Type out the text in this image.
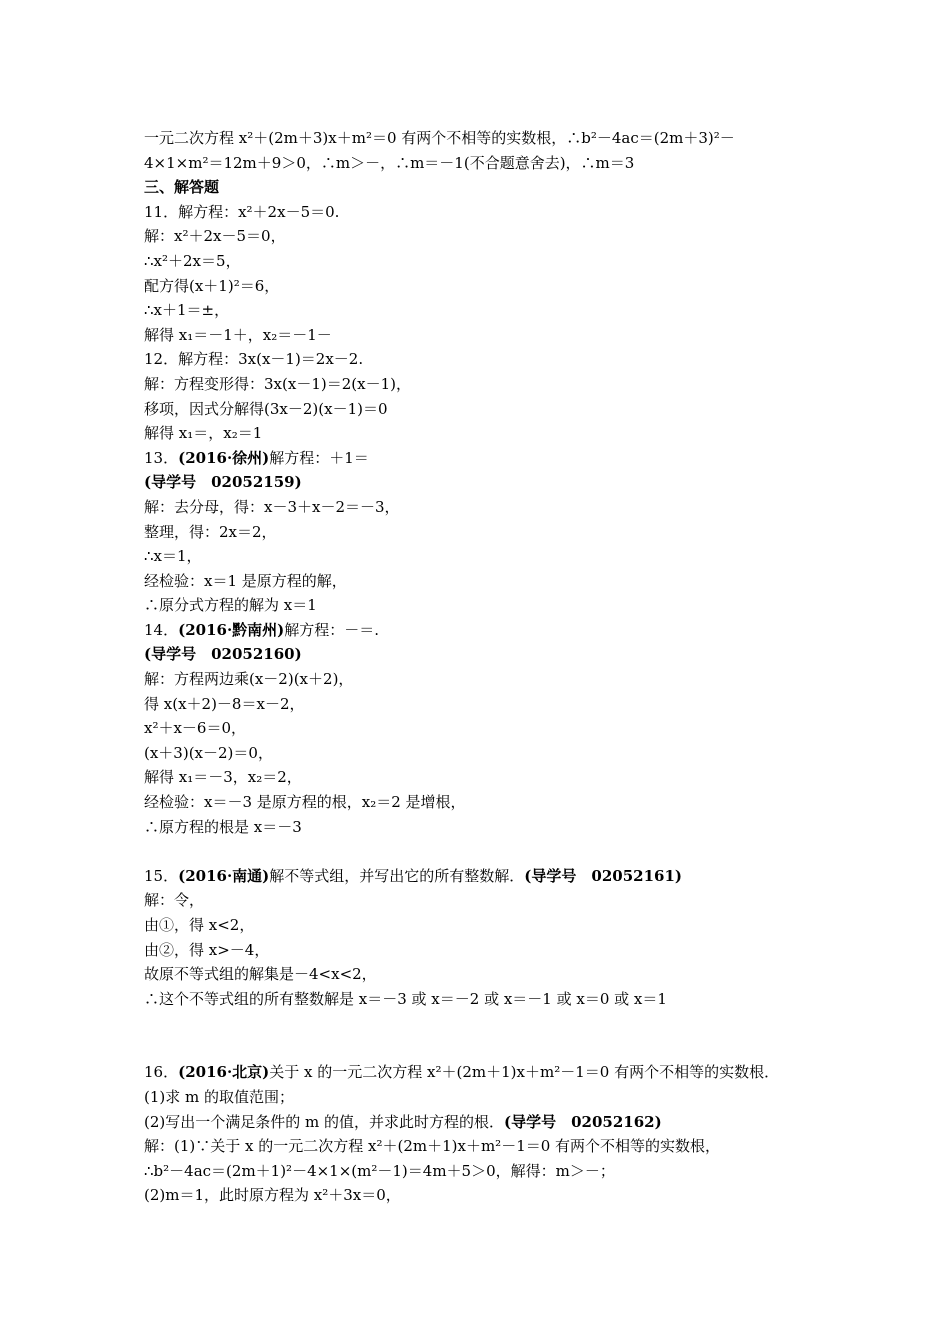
一元二次方程 x²＋(2m＋3)x＋m²＝0 有两个不相等的实数根，∴b²－4ac＝(2m＋3)²－
4×1×m²＝12m＋9＞0，∴m＞－，∴m＝－1(不合题意舍去)，∴m＝3
三、解答题
11．解方程：x²＋2x－5＝0.
解：x²＋2x－5＝0，
∴x²＋2x＝5，
配方得(x＋1)²＝6，
∴x＋1＝±，
解得 x₁＝－1＋，x₂＝－1－
12．解方程：3x(x－1)＝2x－2.
解：方程变形得：3x(x－1)＝2(x－1)，
移项，因式分解得(3x－2)(x－1)＝0
解得 x₁＝，x₂＝1
13．(2016·徐州)解方程：＋1＝
(导学号　02052159)
解：去分母，得：x－3＋x－2＝－3，
整理，得：2x＝2，
∴x＝1，
经检验：x＝1 是原方程的解，
∴原分式方程的解为 x＝1
14．(2016·黔南州)解方程：－＝.
(导学号　02052160)
解：方程两边乘(x－2)(x＋2)，
得 x(x＋2)－8＝x－2，
x²＋x－6＝0，
(x＋3)(x－2)＝0，
解得 x₁＝－3，x₂＝2，
经检验：x＝－3 是原方程的根，x₂＝2 是增根，
∴原方程的根是 x＝－3
15．(2016·南通)解不等式组，并写出它的所有整数解．(导学号　02052161)
解：令，
由①，得 x<2，
由②，得 x>－4，
故原不等式组的解集是－4<x<2，
∴这个不等式组的所有整数解是 x＝－3 或 x＝－2 或 x＝－1 或 x＝0 或 x＝1
16．(2016·北京)关于 x 的一元二次方程 x²＋(2m＋1)x＋m²－1＝0 有两个不相等的实数根．
(1)求 m 的取值范围；
(2)写出一个满足条件的 m 的值，并求此时方程的根．(导学号　02052162)
解：(1)∵关于 x 的一元二次方程 x²＋(2m＋1)x＋m²－1＝0 有两个不相等的实数根，
∴b²－4ac＝(2m＋1)²－4×1×(m²－1)＝4m＋5＞0，解得：m＞－；
(2)m＝1，此时原方程为 x²＋3x＝0，
